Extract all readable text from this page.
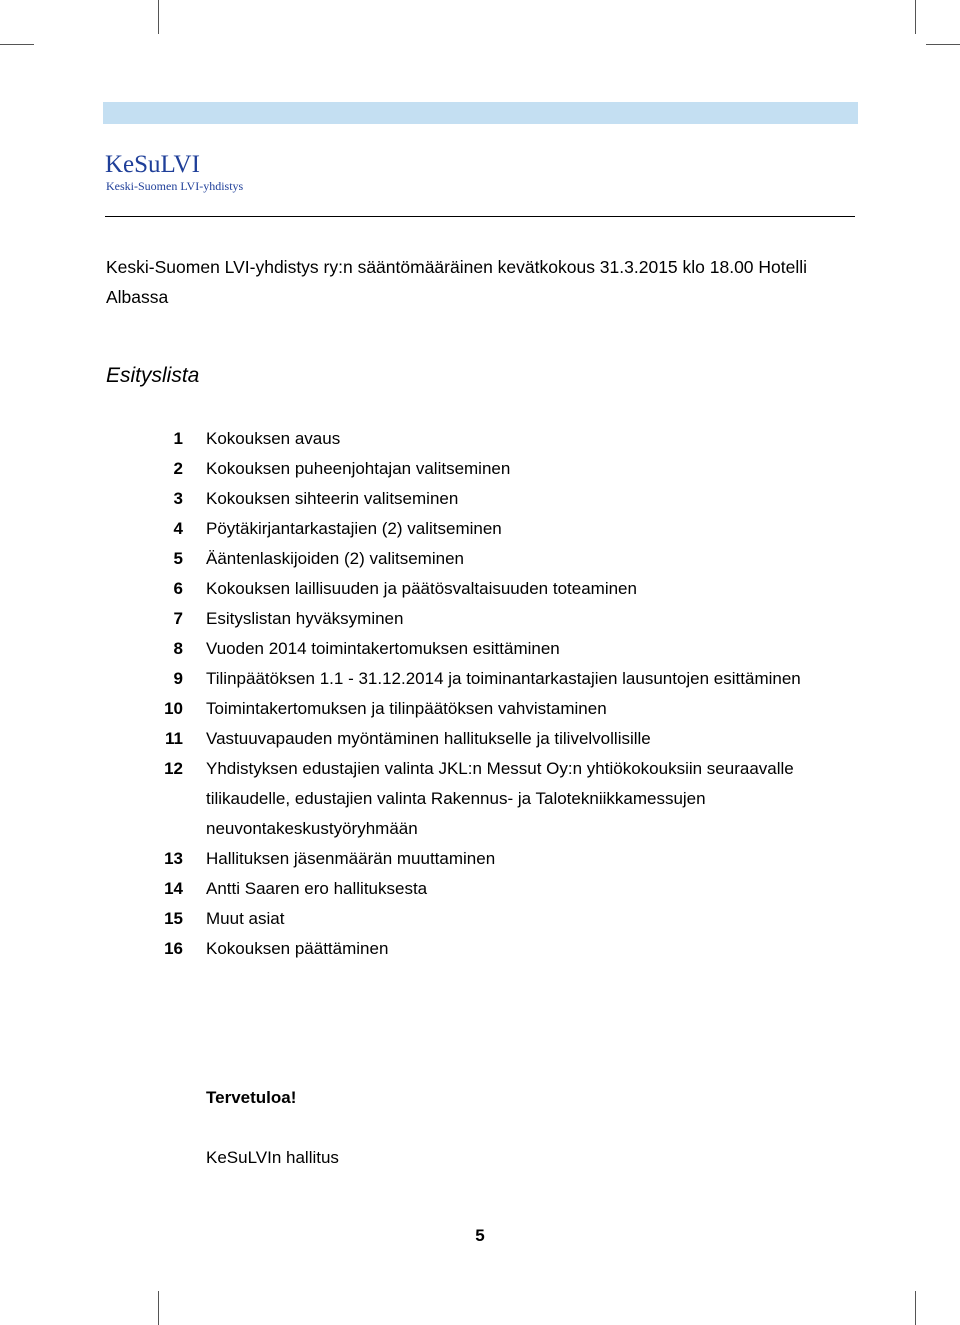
KeSuLVI
Keski-Suomen LVI-yhdistys
Keski-Suomen LVI-yhdistys ry:n sääntömääräinen kevätkokous 31.3.2015 klo 18.00 Hotelli Albassa
Esityslista
1 Kokouksen avaus
2 Kokouksen puheenjohtajan valitseminen
3 Kokouksen sihteerin valitseminen
4 Pöytäkirjantarkastajien (2) valitseminen
5 Ääntenlaskijoiden (2) valitseminen
6 Kokouksen laillisuuden ja päätösvaltaisuuden toteaminen
7 Esityslistan hyväksyminen
8 Vuoden 2014 toimintakertomuksen esittäminen
9 Tilinpäätöksen 1.1 - 31.12.2014 ja toiminantarkastajien lausuntojen esittäminen
10 Toimintakertomuksen ja tilinpäätöksen vahvistaminen
11 Vastuuvapauden myöntäminen hallitukselle ja tilivelvollisille
12 Yhdistyksen edustajien valinta JKL:n Messut Oy:n yhtiökokouksiin seuraavalle tilikaudelle, edustajien valinta Rakennus- ja Talotekniikkamessujen neuvontakeskustyöryhmään
13 Hallituksen jäsenmäärän muuttaminen
14 Antti Saaren ero hallituksesta
15 Muut asiat
16 Kokouksen päättäminen
Tervetuloa!
KeSuLVIn hallitus
5
